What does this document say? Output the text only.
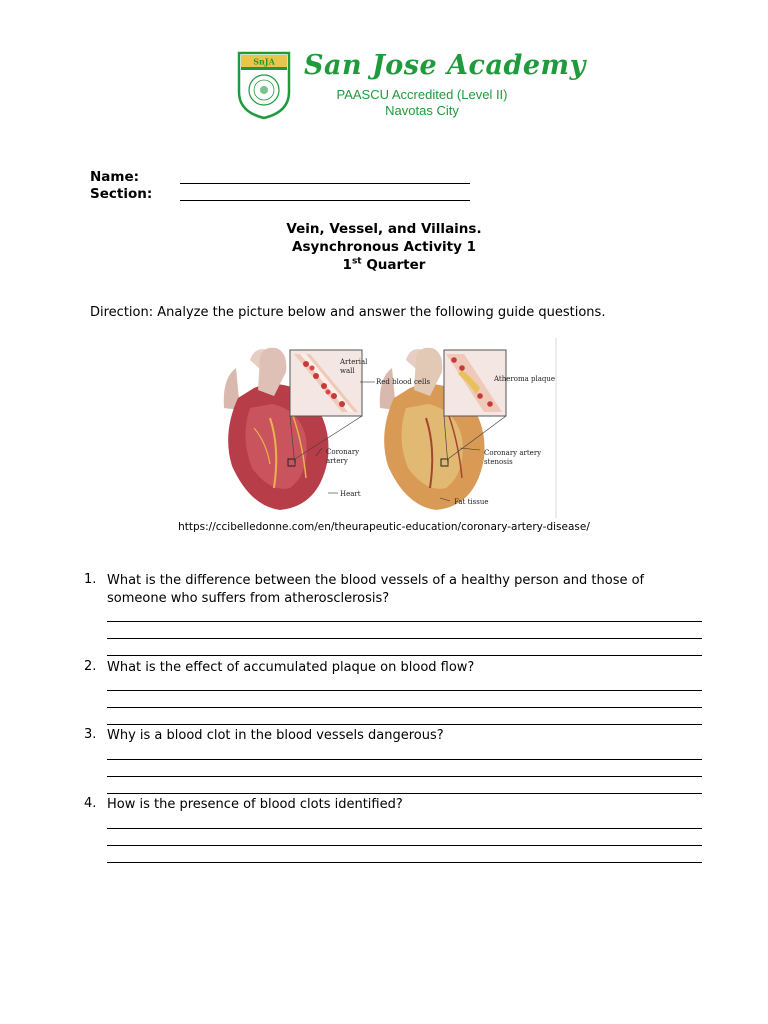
SnJA San Jose Academy
PAASCU Accredited (Level II)
Navotas City
Name:
Section:
Vein, Vessel, and Villains.
Asynchronous Activity 1
1st Quarter
Direction: Analyze the picture below and answer the following guide questions.
Arterial
wall
Red blood cells	Atheroma plaque
Coronary
artery
Heart
Coronary artery
stenosis
Fat tissue
https://ccibelledonne.com/en/theurapeutic-education/coronary-artery-disease/
1. What is the difference between the blood vessels of a healthy person and those of someone who suffers from atherosclerosis?
2. What is the effect of accumulated plaque on blood flow?
3. Why is a blood clot in the blood vessels dangerous?
4. How is the presence of blood clots identified?
